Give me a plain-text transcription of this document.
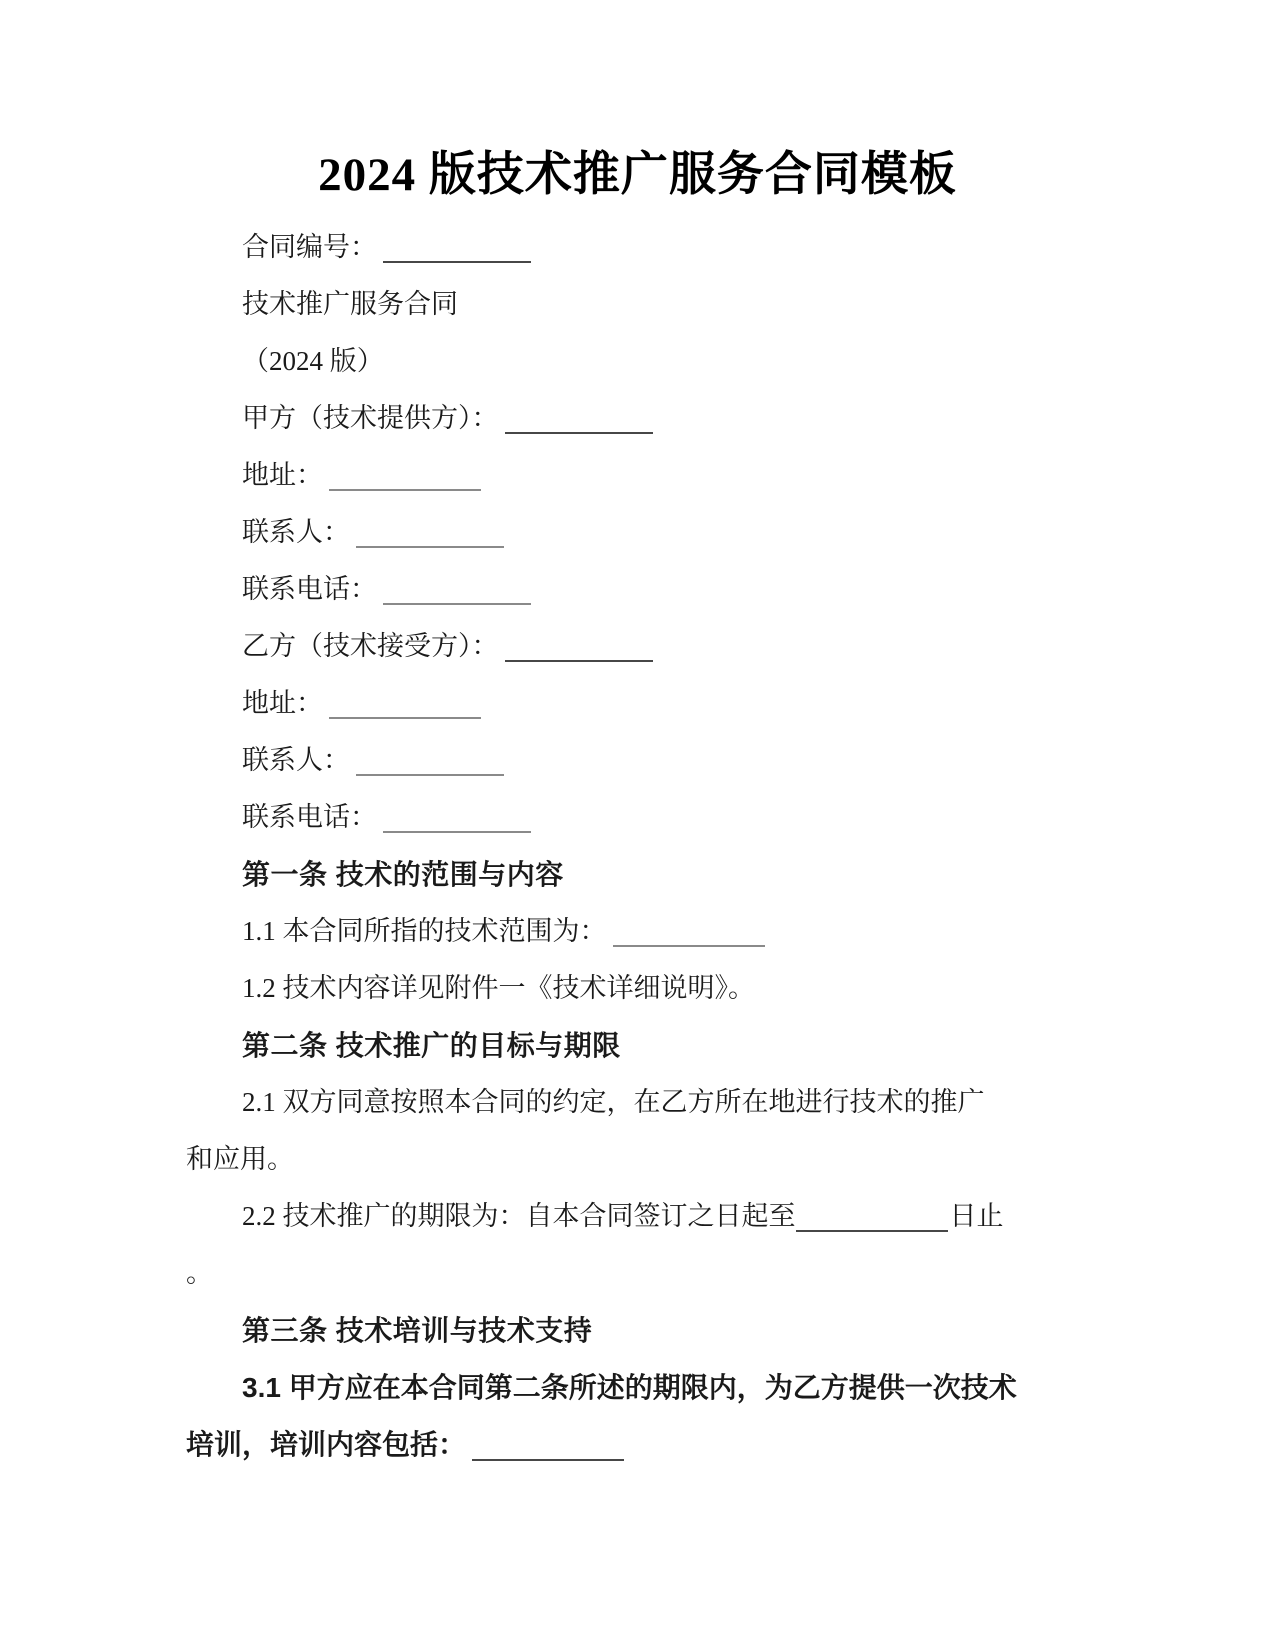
2024 版技术推广服务合同模板

合同编号：

技术推广服务合同

（2024 版）

甲方（技术提供方）：

地址：

联系人：

联系电话：

乙方（技术接受方）：

地址：

联系人：

联系电话：

第一条 技术的范围与内容

1.1 本合同所指的技术范围为：

1.2 技术内容详见附件一《技术详细说明》。

第二条 技术推广的目标与期限

2.1 双方同意按照本合同的约定，在乙方所在地进行技术的推广

和应用。

2.2 技术推广的期限为：自本合同签订之日起至	日止

。

第三条 技术培训与技术支持

3.1 甲方应在本合同第二条所述的期限内，为乙方提供一次技术

培训，培训内容包括：
